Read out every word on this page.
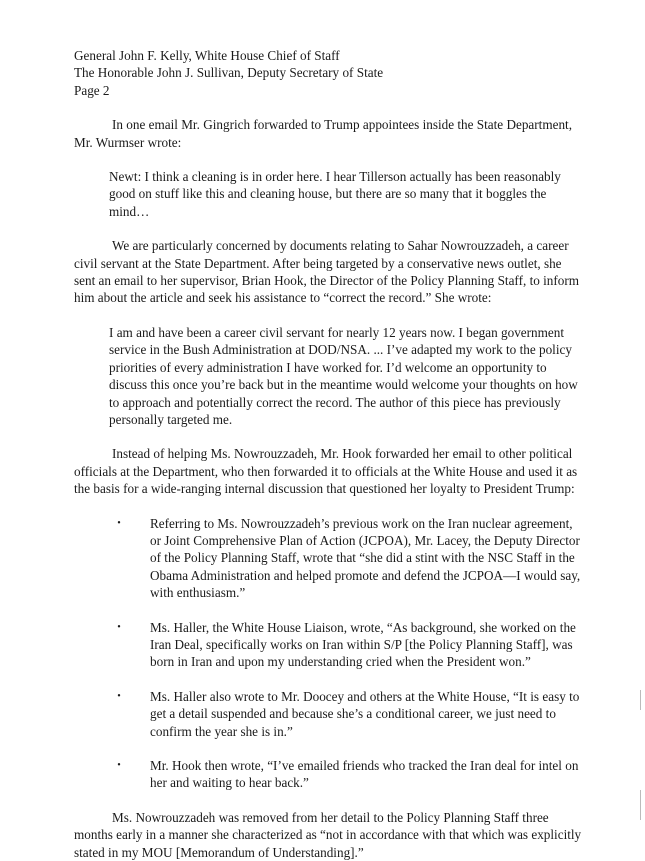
General John F. Kelly, White House Chief of Staff
The Honorable John J. Sullivan, Deputy Secretary of State
Page 2

In one email Mr. Gingrich forwarded to Trump appointees inside the State Department, Mr. Wurmser wrote:

Newt: I think a cleaning is in order here. I hear Tillerson actually has been reasonably good on stuff like this and cleaning house, but there are so many that it boggles the mind…

We are particularly concerned by documents relating to Sahar Nowrouzzadeh, a career civil servant at the State Department. After being targeted by a conservative news outlet, she sent an email to her supervisor, Brian Hook, the Director of the Policy Planning Staff, to inform him about the article and seek his assistance to “correct the record.” She wrote:

I am and have been a career civil servant for nearly 12 years now. I began government service in the Bush Administration at DOD/NSA. ... I’ve adapted my work to the policy priorities of every administration I have worked for. I’d welcome an opportunity to discuss this once you’re back but in the meantime would welcome your thoughts on how to approach and potentially correct the record. The author of this piece has previously personally targeted me.

Instead of helping Ms. Nowrouzzadeh, Mr. Hook forwarded her email to other political officials at the Department, who then forwarded it to officials at the White House and used it as the basis for a wide-ranging internal discussion that questioned her loyalty to President Trump:

• Referring to Ms. Nowrouzzadeh’s previous work on the Iran nuclear agreement, or Joint Comprehensive Plan of Action (JCPOA), Mr. Lacey, the Deputy Director of the Policy Planning Staff, wrote that “she did a stint with the NSC Staff in the Obama Administration and helped promote and defend the JCPOA—I would say, with enthusiasm.”
• Ms. Haller, the White House Liaison, wrote, “As background, she worked on the Iran Deal, specifically works on Iran within S/P [the Policy Planning Staff], was born in Iran and upon my understanding cried when the President won.”
• Ms. Haller also wrote to Mr. Doocey and others at the White House, “It is easy to get a detail suspended and because she’s a conditional career, we just need to confirm the year she is in.”
• Mr. Hook then wrote, “I’ve emailed friends who tracked the Iran deal for intel on her and waiting to hear back.”

Ms. Nowrouzzadeh was removed from her detail to the Policy Planning Staff three months early in a manner she characterized as “not in accordance with that which was explicitly stated in my MOU [Memorandum of Understanding].”
